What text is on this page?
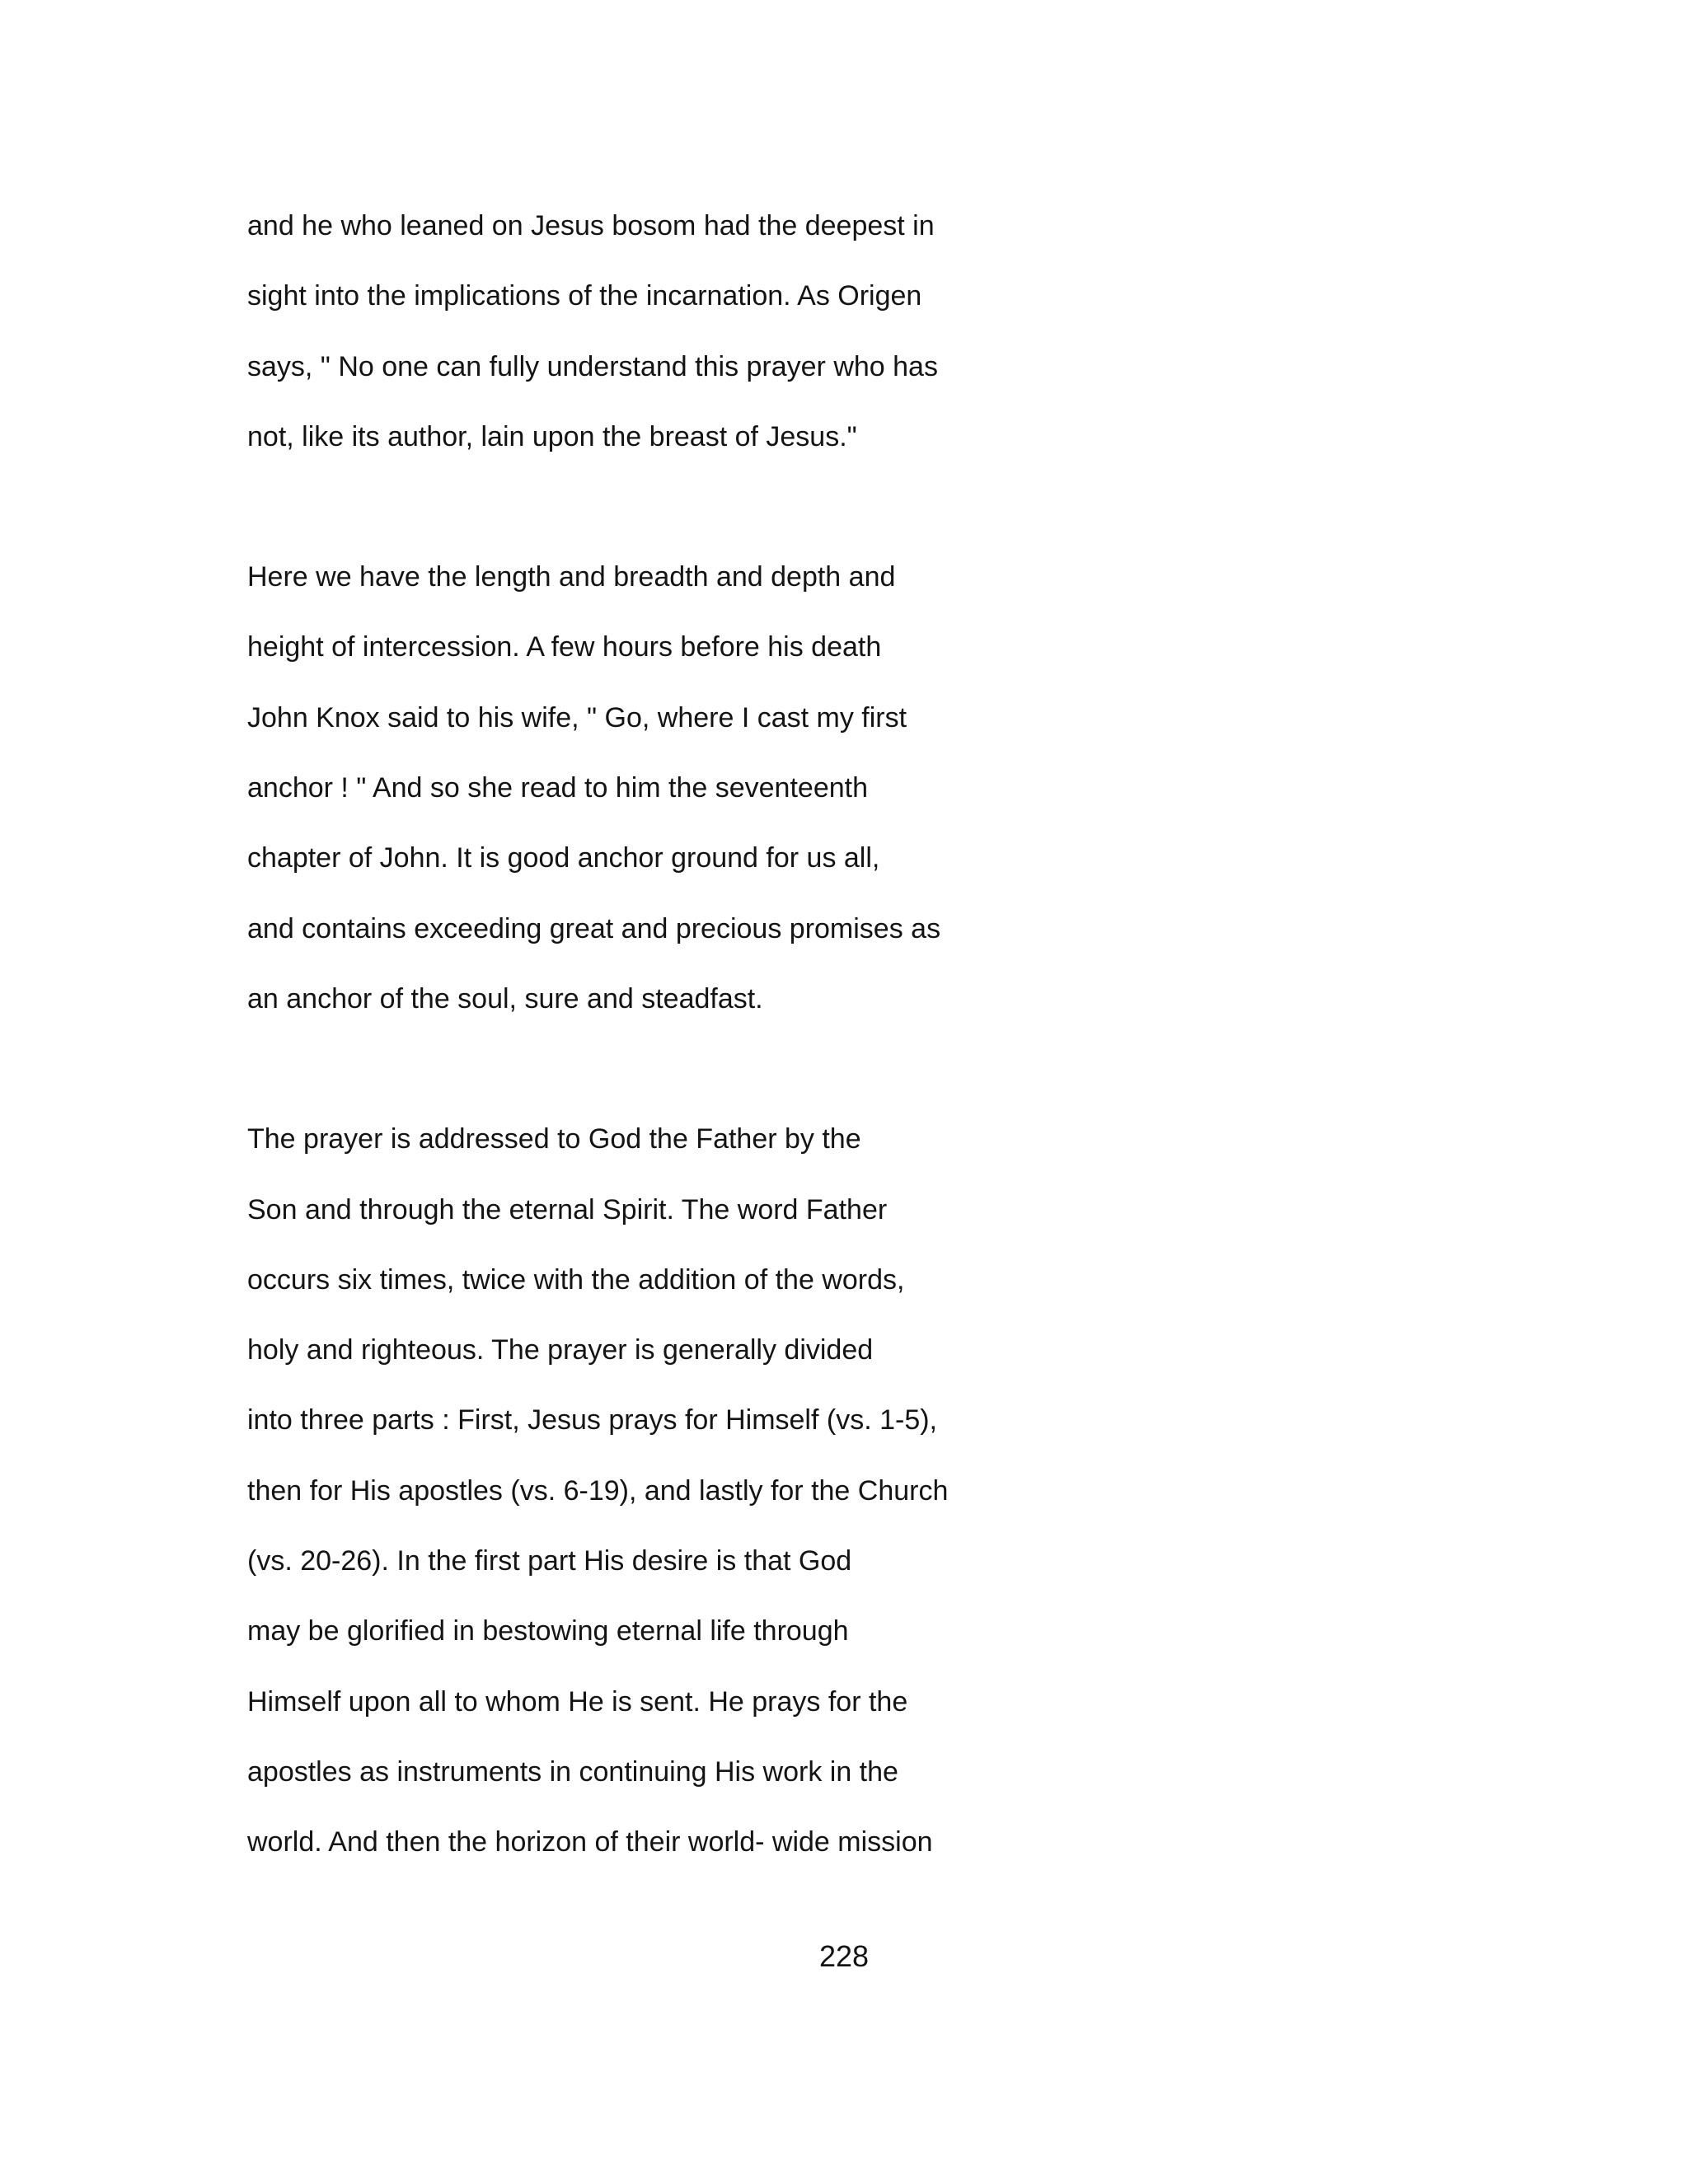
and he who leaned on Jesus bosom had the deepest in
sight into the implications of the incarnation. As Origen
says, " No one can fully understand this prayer who has
not, like its author, lain upon the breast of Jesus."

Here we have the length and breadth and depth and
height of intercession. A few hours before his death
John Knox said to his wife, " Go, where I cast my first
anchor ! " And so she read to him the seventeenth
chapter of John. It is good anchor ground for us all,
and contains exceeding great and precious promises as
an anchor of the soul, sure and steadfast.

The prayer is addressed to God the Father by the
Son and through the eternal Spirit. The word Father
occurs six times, twice with the addition of the words,
holy and righteous. The prayer is generally divided
into three parts : First, Jesus prays for Himself (vs. 1-5),
then for His apostles (vs. 6-19), and lastly for the Church
(vs. 20-26). In the first part His desire is that God
may be glorified in bestowing eternal life through
Himself upon all to whom He is sent. He prays for the
apostles as instruments in continuing His work in the
world. And then the horizon of their world- wide mission

228
